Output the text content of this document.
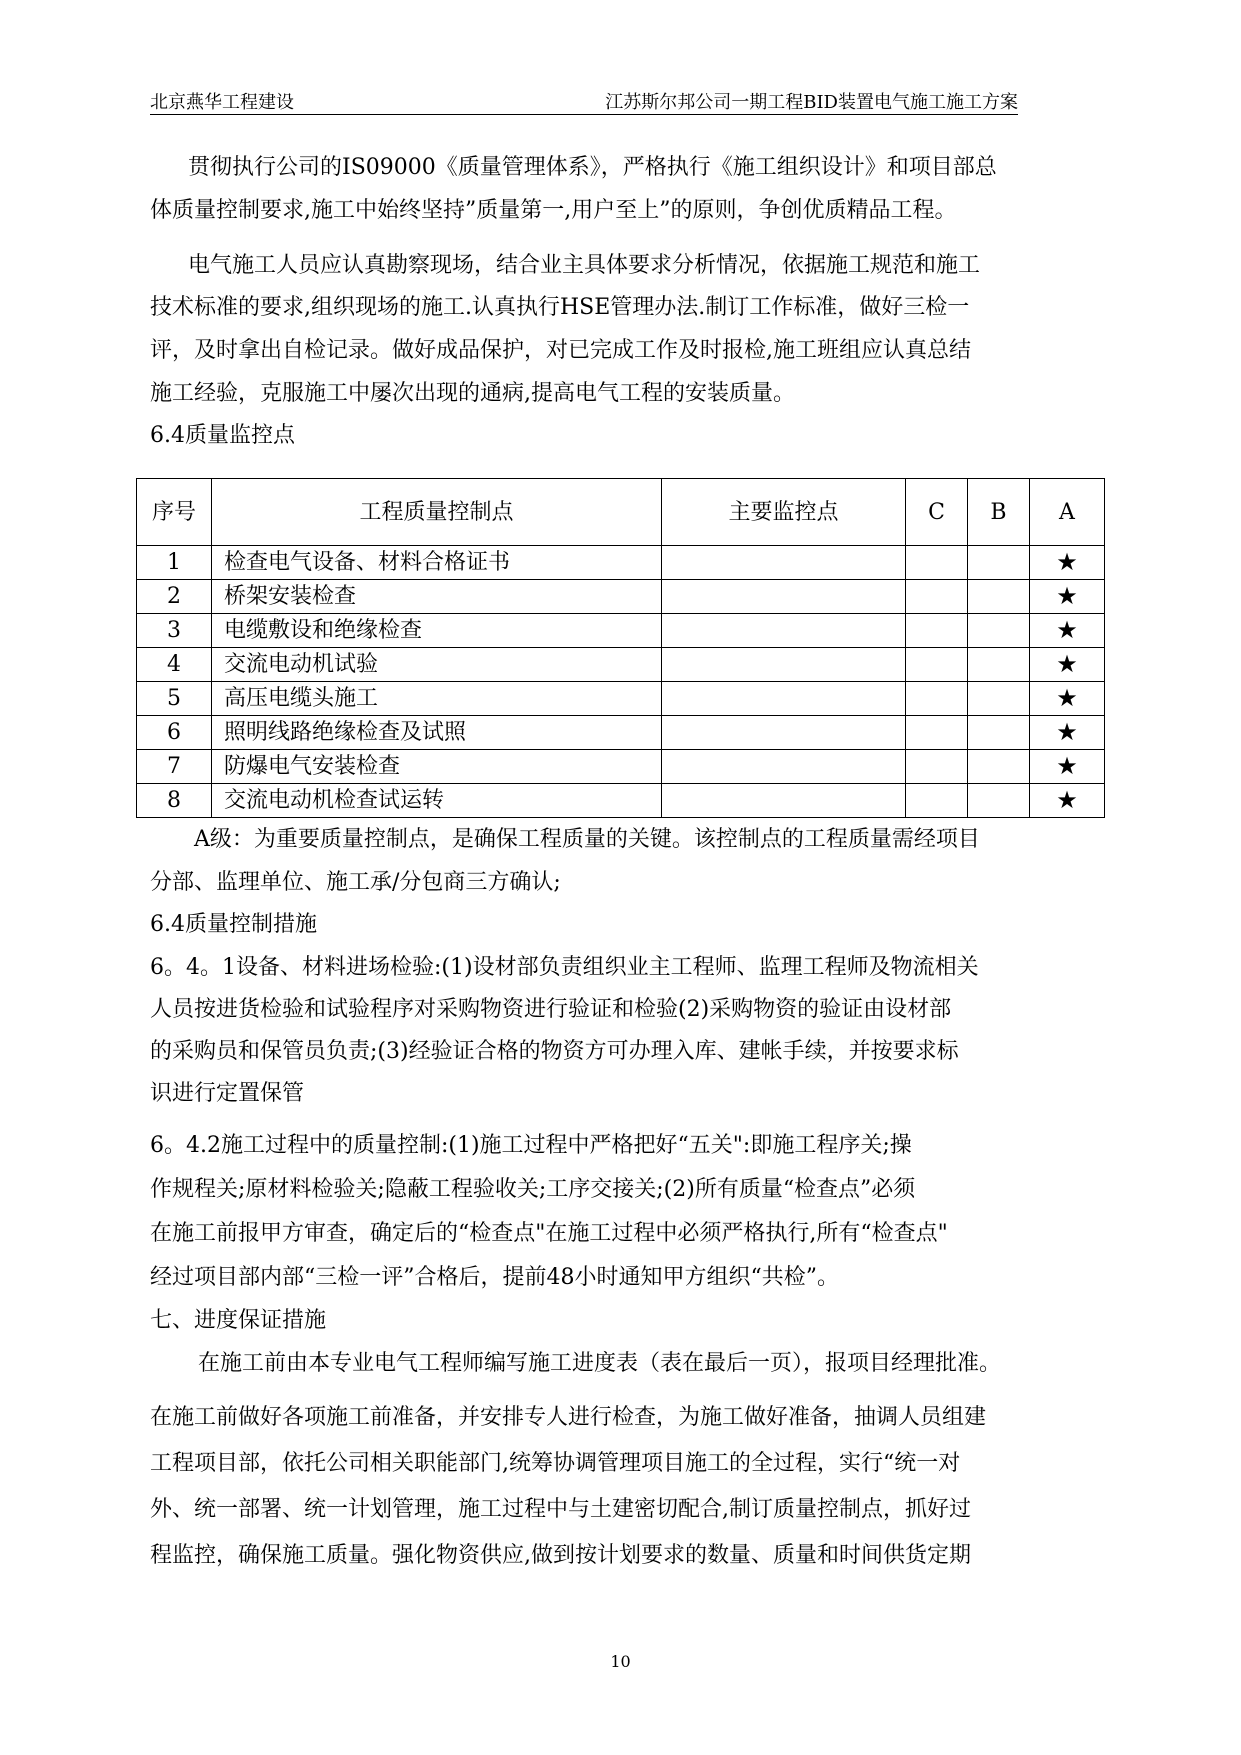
北京燕华工程建设	江苏斯尔邦公司一期工程BID装置电气施工施工方案
贯彻执行公司的IS09000《质量管理体系》，严格执行《施工组织设计》和项目部总
体质量控制要求,施工中始终坚持”质量第一,用户至上”的原则，争创优质精品工程。
电气施工人员应认真勘察现场，结合业主具体要求分析情况，依据施工规范和施工
技术标准的要求,组织现场的施工.认真执行HSE管理办法.制订工作标准，做好三检一
评，及时拿出自检记录。做好成品保护，对已完成工作及时报检,施工班组应认真总结
施工经验，克服施工中屡次出现的通病,提高电气工程的安装质量。
6.4质量监控点
序号	工程质量控制点	主要监控点	C	B	A
1	检查电气设备、材料合格证书				★
2	桥架安装检查				★
3	电缆敷设和绝缘检查				★
4	交流电动机试验				★
5	高压电缆头施工				★
6	照明线路绝缘检查及试照				★
7	防爆电气安装检查				★
8	交流电动机检查试运转				★
A级：为重要质量控制点，是确保工程质量的关键。该控制点的工程质量需经项目
分部、监理单位、施工承/分包商三方确认;
6.4质量控制措施
6。4。1设备、材料进场检验:(1)设材部负责组织业主工程师、监理工程师及物流相关
人员按进货检验和试验程序对采购物资进行验证和检验(2)采购物资的验证由设材部
的采购员和保管员负责;(3)经验证合格的物资方可办理入库、建帐手续，并按要求标
识进行定置保管
6。4.2施工过程中的质量控制:(1)施工过程中严格把好“五关":即施工程序关;操
作规程关;原材料检验关;隐蔽工程验收关;工序交接关;(2)所有质量“检查点”必须
在施工前报甲方审查，确定后的“检查点"在施工过程中必须严格执行,所有“检查点"
经过项目部内部“三检一评”合格后，提前48小时通知甲方组织“共检”。
七、进度保证措施
在施工前由本专业电气工程师编写施工进度表（表在最后一页），报项目经理批准。
在施工前做好各项施工前准备，并安排专人进行检查，为施工做好准备，抽调人员组建
工程项目部，依托公司相关职能部门,统筹协调管理项目施工的全过程，实行“统一对
外、统一部署、统一计划管理，施工过程中与土建密切配合,制订质量控制点，抓好过
程监控，确保施工质量。强化物资供应,做到按计划要求的数量、质量和时间供货定期
10
